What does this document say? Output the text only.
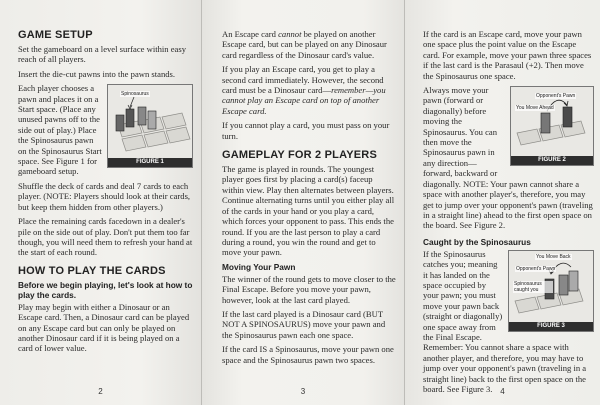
GAME SETUP

Set the gameboard on a level surface within easy reach of all players.

Insert the die-cut pawns into the pawn stands.

Spinosaurus
FIGURE 1

Each player chooses a pawn and places it on a Start space. (Place any unused pawns off to the side out of play.) Place the Spinosaurus pawn on the Spinosaurus Start space. See Figure 1 for gameboard setup.

Shuffle the deck of cards and deal 7 cards to each player. (NOTE: Players should look at their cards, but keep them hidden from other players.)

Place the remaining cards facedown in a dealer's pile on the side out of play. Don't put them too far though, you will need them to refresh your hand at the start of each round.

HOW TO PLAY THE CARDS
Before we begin playing, let's look at how to play the cards.

Play may begin with either a Dinosaur or an Escape card. Then, a Dinosaur card can be played on any Escape card but can only be played on another Dinosaur card if it is being played on a card of lower value.

2

An Escape card cannot be played on another Escape card, but can be played on any Dinosaur card regardless of the Dinosaur card's value.

If you play an Escape card, you get to play a second card immediately. However, the second card must be a Dinosaur card—remember—you cannot play an Escape card on top of another Escape card.

If you cannot play a card, you must pass on your turn.

GAMEPLAY FOR 2 PLAYERS

The game is played in rounds. The youngest player goes first by placing a card(s) faceup within view. Play then alternates between players. Continue alternating turns until you either play all of the cards in your hand or you play a card, which forces your opponent to pass. This ends the round. If you are the last person to play a card during a round, you win the round and get to move your pawn.

Moving Your Pawn

The winner of the round gets to move closer to the Final Escape. Before you move your pawn, however, look at the last card played.

If the last card played is a Dinosaur card (BUT NOT A SPINOSAURUS) move your pawn and the Spinosaurus pawn each one space.

If the card IS a Spinosaurus, move your pawn one space and the Spinosaurus pawn two spaces.

3

If the card is an Escape card, move your pawn one space plus the point value on the Escape card. For example, move your pawn three spaces if the last card is the Parasaul (+2). Then move the Spinosaurus one space.

Opponent's Pawn
You Move Ahead
FIGURE 2

Always move your pawn (forward or diagonally) before moving the Spinosaurus. You can then move the Spinosaurus pawn in any direction—forward, backward or diagonally. NOTE: Your pawn cannot share a space with another player's, therefore, you may get to jump over your opponent's pawn (traveling in a straight line) ahead to the first open space on the board. See Figure 2.

Caught by the Spinosaurus
You Move Back
Opponent's Pawn
Spinosaurus caught you
FIGURE 3

If the Spinosaurus catches you; meaning it has landed on the space occupied by your pawn; you must move your pawn back (straight or diagonally) one space away from the Final Escape. Remember: You cannot share a space with another player, and therefore, you may have to jump over your opponent's pawn (traveling in a straight line) back to the first open space on the board. See Figure 3. 4
